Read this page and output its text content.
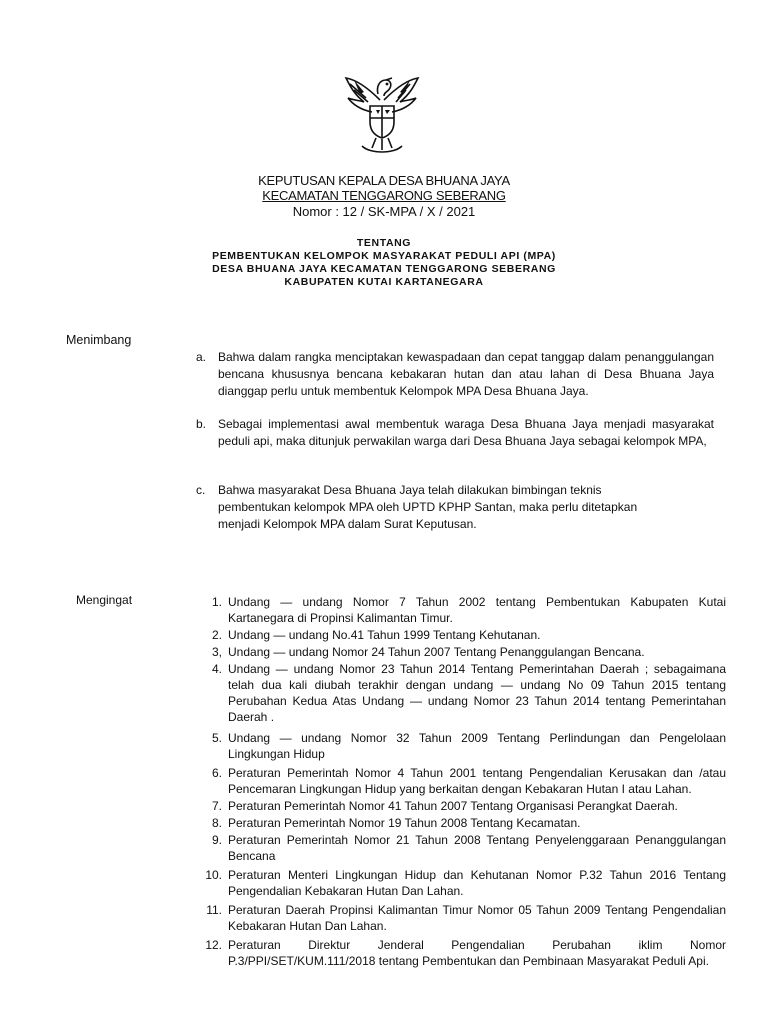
KEPUTUSAN KEPALA DESA BHUANA JAYA
KECAMATAN TENGGARONG SEBERANG
Nomor : 12 / SK-MPA / X / 2021
TENTANG
PEMBENTUKAN KELOMPOK MASYARAKAT PEDULI API (MPA)
DESA BHUANA JAYA KECAMATAN TENGGARONG SEBERANG
KABUPATEN KUTAI KARTANEGARA
Menimbang
a. Bahwa dalam rangka menciptakan kewaspadaan dan cepat tanggap dalam penanggulangan bencana khususnya bencana kebakaran hutan dan atau lahan di Desa Bhuana Jaya dianggap perlu untuk membentuk Kelompok MPA Desa Bhuana Jaya.
b. Sebagai implementasi awal membentuk waraga Desa Bhuana Jaya menjadi masyarakat peduli api, maka ditunjuk perwakilan warga dari Desa Bhuana Jaya sebagai kelompok MPA,
c. Bahwa masyarakat Desa Bhuana Jaya telah dilakukan bimbingan teknis pembentukan kelompok MPA oleh UPTD KPHP Santan, maka perlu ditetapkan menjadi Kelompok MPA dalam Surat Keputusan.
Mengingat	1. Undang — undang Nomor 7 Tahun 2002 tentang Pembentukan Kabupaten Kutai Kartanegara di Propinsi Kalimantan Timur.
2. Undang — undang No.41 Tahun 1999 Tentang Kehutanan.
3, Undang — undang Nomor 24 Tahun 2007 Tentang Penanggulangan Bencana.
4. Undang — undang Nomor 23 Tahun 2014 Tentang Pemerintahan Daerah ; sebagaimana telah dua kali diubah terakhir dengan undang — undang No 09 Tahun 2015 tentang Perubahan Kedua Atas Undang — undang Nomor 23 Tahun 2014 tentang Pemerintahan Daerah .
5. Undang — undang Nomor 32 Tahun 2009 Tentang Perlindungan dan Pengelolaan Lingkungan Hidup
6. Peraturan Pemerintah Nomor 4 Tahun 2001 tentang Pengendalian Kerusakan dan /atau Pencemaran Lingkungan Hidup yang berkaitan dengan Kebakaran Hutan I atau Lahan.
7. Peraturan Pemerintah Nomor 41 Tahun 2007 Tentang Organisasi Perangkat Daerah.
8. Peraturan Pemerintah Nomor 19 Tahun 2008 Tentang Kecamatan.
9. Peraturan Pemerintah Nomor 21 Tahun 2008 Tentang Penyelenggaraan Penanggulangan Bencana
10. Peraturan Menteri Lingkungan Hidup dan Kehutanan Nomor P.32 Tahun 2016 Tentang Pengendalian Kebakaran Hutan Dan Lahan.
11. Peraturan Daerah Propinsi Kalimantan Timur Nomor 05 Tahun 2009 Tentang Pengendalian Kebakaran Hutan Dan Lahan.
12. Peraturan Direktur Jenderal Pengendalian Perubahan iklim Nomor P.3/PPI/SET/KUM.111/2018 tentang Pembentukan dan Pembinaan Masyarakat Peduli Api.
